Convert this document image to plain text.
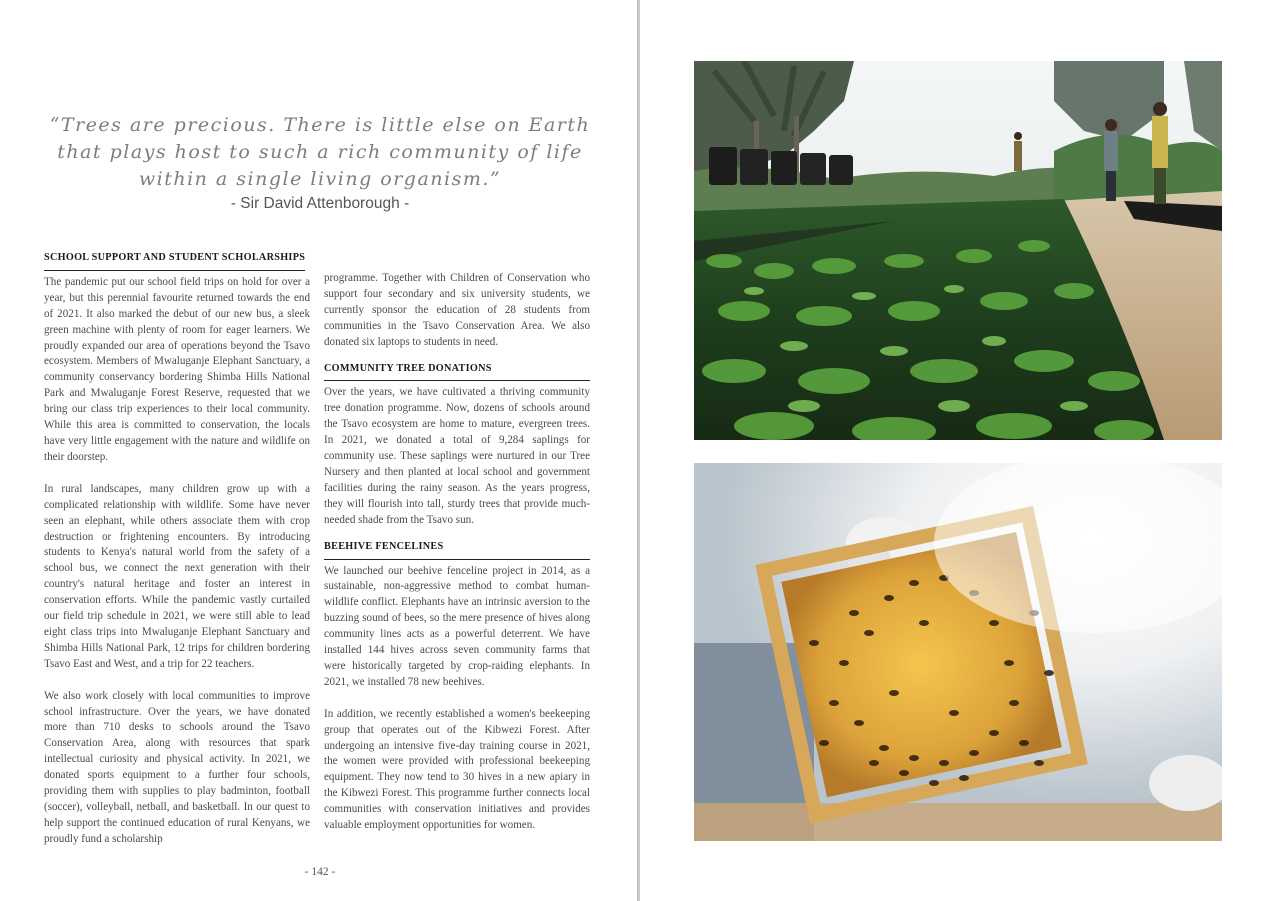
“Trees are precious. There is little else on Earth
that plays host to such a rich community of life
within a single living organism.”
- Sir David Attenborough -
SCHOOL SUPPORT AND STUDENT SCHOLARSHIPS

The pandemic put our school field trips on hold for over a year, but this perennial favourite returned towards the end of 2021. It also marked the debut of our new bus, a sleek green machine with plenty of room for eager learners. We proudly expanded our area of operations beyond the Tsavo ecosystem. Members of Mwaluganje Elephant Sanctuary, a community conservancy bordering Shimba Hills National Park and Mwaluganje Forest Reserve, requested that we bring our class trip experiences to their local community. While this area is committed to conservation, the locals have very little engagement with the nature and wildlife on their doorstep.

In rural landscapes, many children grow up with a complicated relationship with wildlife. Some have never seen an elephant, while others associate them with crop destruction or frightening encounters. By introducing students to Kenya's natural world from the safety of a school bus, we connect the next generation with their country's natural heritage and foster an interest in conservation efforts. While the pandemic vastly curtailed our field trip schedule in 2021, we were still able to lead eight class trips into Mwaluganje Elephant Sanctuary and Shimba Hills National Park, 12 trips for children bordering Tsavo East and West, and a trip for 22 teachers.

We also work closely with local communities to improve school infrastructure. Over the years, we have donated more than 710 desks to schools around the Tsavo Conservation Area, along with resources that spark intellectual curiosity and physical activity. In 2021, we donated sports equipment to a further four schools, providing them with supplies to play badminton, football (soccer), volleyball, netball, and basketball. In our quest to help support the continued education of rural Kenyans, we proudly fund a scholarship

programme. Together with Children of Conservation who support four secondary and six university students, we currently sponsor the education of 28 students from communities in the Tsavo Conservation Area. We also donated six laptops to students in need.

COMMUNITY TREE DONATIONS

Over the years, we have cultivated a thriving community tree donation programme. Now, dozens of schools around the Tsavo ecosystem are home to mature, evergreen trees. In 2021, we donated a total of 9,284 saplings for community use. These saplings were nurtured in our Tree Nursery and then planted at local school and government facilities during the rainy season. As the years progress, they will flourish into tall, sturdy trees that provide much-needed shade from the Tsavo sun.

BEEHIVE FENCELINES

We launched our beehive fenceline project in 2014, as a sustainable, non-aggressive method to combat human-wildlife conflict. Elephants have an intrinsic aversion to the buzzing sound of bees, so the mere presence of hives along community lines acts as a powerful deterrent. We have installed 144 hives across seven community farms that were historically targeted by crop-raiding elephants. In 2021, we installed 78 new beehives.

In addition, we recently established a women's beekeeping group that operates out of the Kibwezi Forest. After undergoing an intensive five-day training course in 2021, the women were provided with professional beekeeping equipment. They now tend to 30 hives in a new apiary in the Kibwezi Forest. This programme further connects local communities with conservation initiatives and provides valuable employment opportunities for women.

- 142 -
